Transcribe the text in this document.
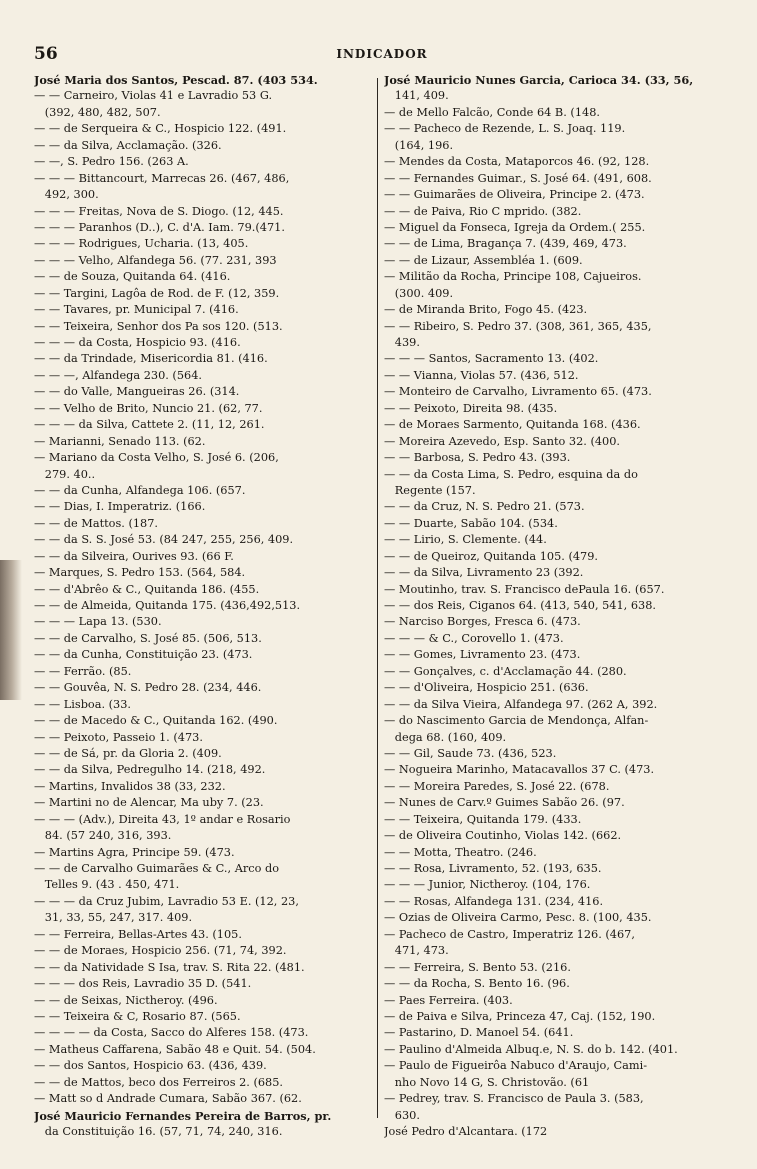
56	INDICADOR
José Maria dos Santos, Pescad. 87. (403 534.
— — Carneiro, Violas 41 e Lavradio 53 G.
(392, 480, 482, 507.
— — de Serqueira & C., Hospicio 122. (491.
— — da Silva, Acclamação. (326.
— —, S. Pedro 156. (263 A.
— — — Bittancourt, Marrecas 26. (467, 486,
492, 300.
— — — Freitas, Nova de S. Diogo. (12, 445.
— — — Paranhos (D..), C. d'A. Iam. 79.(471.
— — — Rodrigues, Ucharia. (13, 405.
— — — Velho, Alfandega 56. (77. 231, 393
— — de Souza, Quitanda 64. (416.
— — Targini, Lagôa de Rod. de F. (12, 359.
— — Tavares, pr. Municipal 7. (416.
— — Teixeira, Senhor dos Pa sos 120. (513.
— — — da Costa, Hospicio 93. (416.
— — da Trindade, Misericordia 81. (416.
— — —, Alfandega 230. (564.
— — do Valle, Mangueiras 26. (314.
— — Velho de Brito, Nuncio 21. (62, 77.
— — — da Silva, Cattete 2. (11, 12, 261.
— Marianni, Senado 113. (62.
— Mariano da Costa Velho, S. José 6. (206,
279. 40..
— — da Cunha, Alfandega 106. (657.
— — Dias, I. Imperatriz. (166.
— — de Mattos. (187.
— — da S. S. José 53. (84 247, 255, 256, 409.
— — da Silveira, Ourives 93. (66 F.
— Marques, S. Pedro 153. (564, 584.
— — d'Abrêo & C., Quitanda 186. (455.
— — de Almeida, Quitanda 175. (436,492,513.
— — — Lapa 13. (530.
— — de Carvalho, S. José 85. (506, 513.
— — da Cunha, Constituição 23. (473.
— — Ferrão. (85.
— — Gouvêa, N. S. Pedro 28. (234, 446.
— — Lisboa. (33.
— — de Macedo & C., Quitanda 162. (490.
— — Peixoto, Passeio 1. (473.
— — de Sá, pr. da Gloria 2. (409.
— — da Silva, Pedregulho 14. (218, 492.
— Martins, Invalidos 38 (33, 232.
— Martini no de Alencar, Ma uby 7. (23.
— — — (Adv.), Direita 43, 1º andar e Rosario
84. (57 240, 316, 393.
— Martins Agra, Principe 59. (473.
— — de Carvalho Guimarães & C., Arco do
Telles 9. (43 . 450, 471.
— — — da Cruz Jubim, Lavradio 53 E. (12, 23,
31, 33, 55, 247, 317. 409.
— — Ferreira, Bellas-Artes 43. (105.
— — de Moraes, Hospicio 256. (71, 74, 392.
— — da Natividade S Isa, trav. S. Rita 22. (481.
— — — dos Reis, Lavradio 35 D. (541.
— — de Seixas, Nictheroy. (496.
— — Teixeira & C, Rosario 87. (565.
— — — — da Costa, Sacco do Alferes 158. (473.
— Matheus Caffarena, Sabão 48 e Quit. 54. (504.
— — dos Santos, Hospicio 63. (436, 439.
— — de Mattos, beco dos Ferreiros 2. (685.
— Matt so d Andrade Cumara, Sabão 367. (62.
José Mauricio Fernandes Pereira de Barros, pr.
da Constituição 16. (57, 71, 74, 240, 316.
José Mauricio Nunes Garcia, Carioca 34. (33, 56,
141, 409.
— de Mello Falcão, Conde 64 B. (148.
— — Pacheco de Rezende, L. S. Joaq. 119.
(164, 196.
— Mendes da Costa, Mataporcos 46. (92, 128.
— — Fernandes Guimar., S. José 64. (491, 608.
— — Guimarães de Oliveira, Principe 2. (473.
— — de Paiva, Rio C mprido. (382.
— Miguel da Fonseca, Igreja da Ordem.( 255.
— — de Lima, Bragança 7. (439, 469, 473.
— — de Lizaur, Assembléa 1. (609.
— Militão da Rocha, Principe 108, Cajueiros.
(300. 409.
— de Miranda Brito, Fogo 45. (423.
— — Ribeiro, S. Pedro 37. (308, 361, 365, 435,
439.
— — — Santos, Sacramento 13. (402.
— — Vianna, Violas 57. (436, 512.
— Monteiro de Carvalho, Livramento 65. (473.
— — Peixoto, Direita 98. (435.
— de Moraes Sarmento, Quitanda 168. (436.
— Moreira Azevedo, Esp. Santo 32. (400.
— — Barbosa, S. Pedro 43. (393.
— — da Costa Lima, S. Pedro, esquina da do
Regente (157.
— — da Cruz, N. S. Pedro 21. (573.
— — Duarte, Sabão 104. (534.
— — Lirio, S. Clemente. (44.
— — de Queiroz, Quitanda 105. (479.
— — da Silva, Livramento 23 (392.
— Moutinho, trav. S. Francisco dePaula 16. (657.
— — dos Reis, Ciganos 64. (413, 540, 541, 638.
— Narciso Borges, Fresca 6. (473.
— — — & C., Corovello 1. (473.
— — Gomes, Livramento 23. (473.
— — Gonçalves, c. d'Acclamação 44. (280.
— — d'Oliveira, Hospicio 251. (636.
— — da Silva Vieira, Alfandega 97. (262 A, 392.
— do Nascimento Garcia de Mendonça, Alfan-
dega 68. (160, 409.
— — Gil, Saude 73. (436, 523.
— Nogueira Marinho, Matacavallos 37 C. (473.
— — Moreira Paredes, S. José 22. (678.
— Nunes de Carv.º Guimes Sabão 26. (97.
— — Teixeira, Quitanda 179. (433.
— de Oliveira Coutinho, Violas 142. (662.
— — Motta, Theatro. (246.
— — Rosa, Livramento, 52. (193, 635.
— — — Junior, Nictheroy. (104, 176.
— — Rosas, Alfandega 131. (234, 416.
— Ozias de Oliveira Carmo, Pesc. 8. (100, 435.
— Pacheco de Castro, Imperatriz 126. (467,
471, 473.
— — Ferreira, S. Bento 53. (216.
— — da Rocha, S. Bento 16. (96.
— Paes Ferreira. (403.
— de Paiva e Silva, Princeza 47, Caj. (152, 190.
— Pastarino, D. Manoel 54. (641.
— Paulino d'Almeida Albuq.e, N. S. do b. 142. (401.
— Paulo de Figueirôa Nabuco d'Araujo, Cami-
nho Novo 14 G, S. Christovão. (61
— Pedrey, trav. S. Francisco de Paula 3. (583,
630.
José Pedro d'Alcantara. (172
